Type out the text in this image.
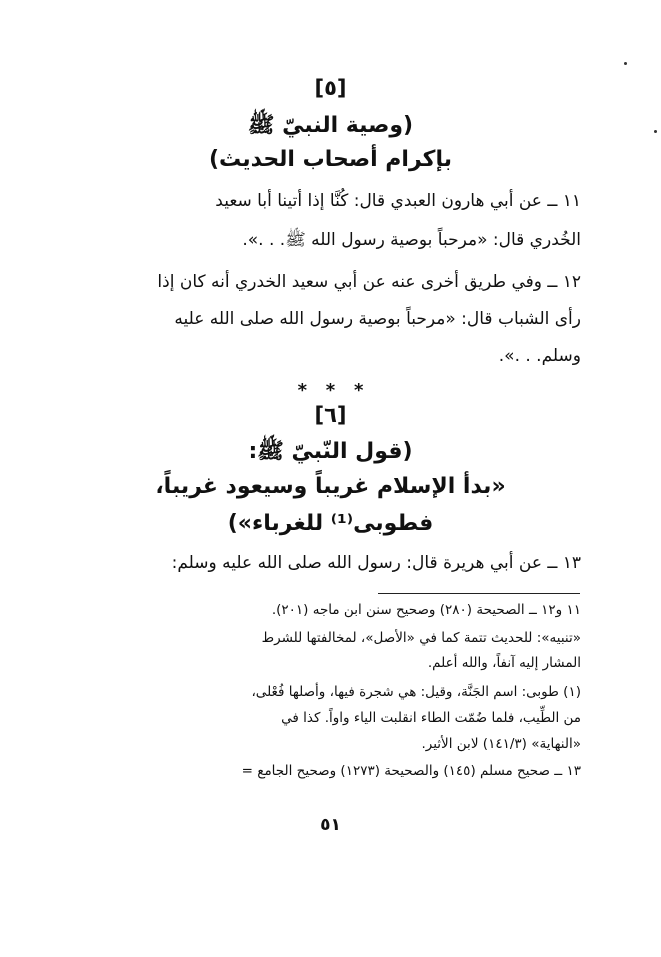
[٥]
(وصية النبيّ ﷺ
بإكرام أصحاب الحديث)
١١ ــ عن أبي هارون العبدي قال: كُنَّا إذا أتينا أبا سعيد
الخُدري قال: «مرحباً بوصية رسول الله ﷺ. . .».
١٢ ــ وفي طريق أخرى عنه عن أبي سعيد الخدري أنه كان إذا
رأى الشباب قال: «مرحباً بوصية رسول الله صلى الله عليه
وسلم. . .».
*   *   *
[٦]
(قول النّبيّ ﷺ:
«بدأ الإسلام غريباً وسيعود غريباً،
فطوبى⁽¹⁾ للغرباء»)
١٣ ــ عن أبي هريرة قال: رسول الله صلى الله عليه وسلم:
١١ و١٢ ــ الصحيحة (٢٨٠) وصحيح سنن ابن ماجه (٢٠١).
«تنبيه»: للحديث تتمة كما في «الأصل»، لمخالفتها للشرط
المشار إليه آنفاً، والله أعلم.
(١) طوبى: اسم الجَنَّة، وقيل: هي شجرة فيها، وأصلها فُعْلى،
من الطِّيب، فلما ضُمّت الطاء انقلبت الياء واواً. كذا في
«النهاية» (١٤١/٣) لابن الأثير.
١٣ ــ صحيح مسلم (١٤٥) والصحيحة (١٢٧٣) وصحيح الجامع =
٥١
